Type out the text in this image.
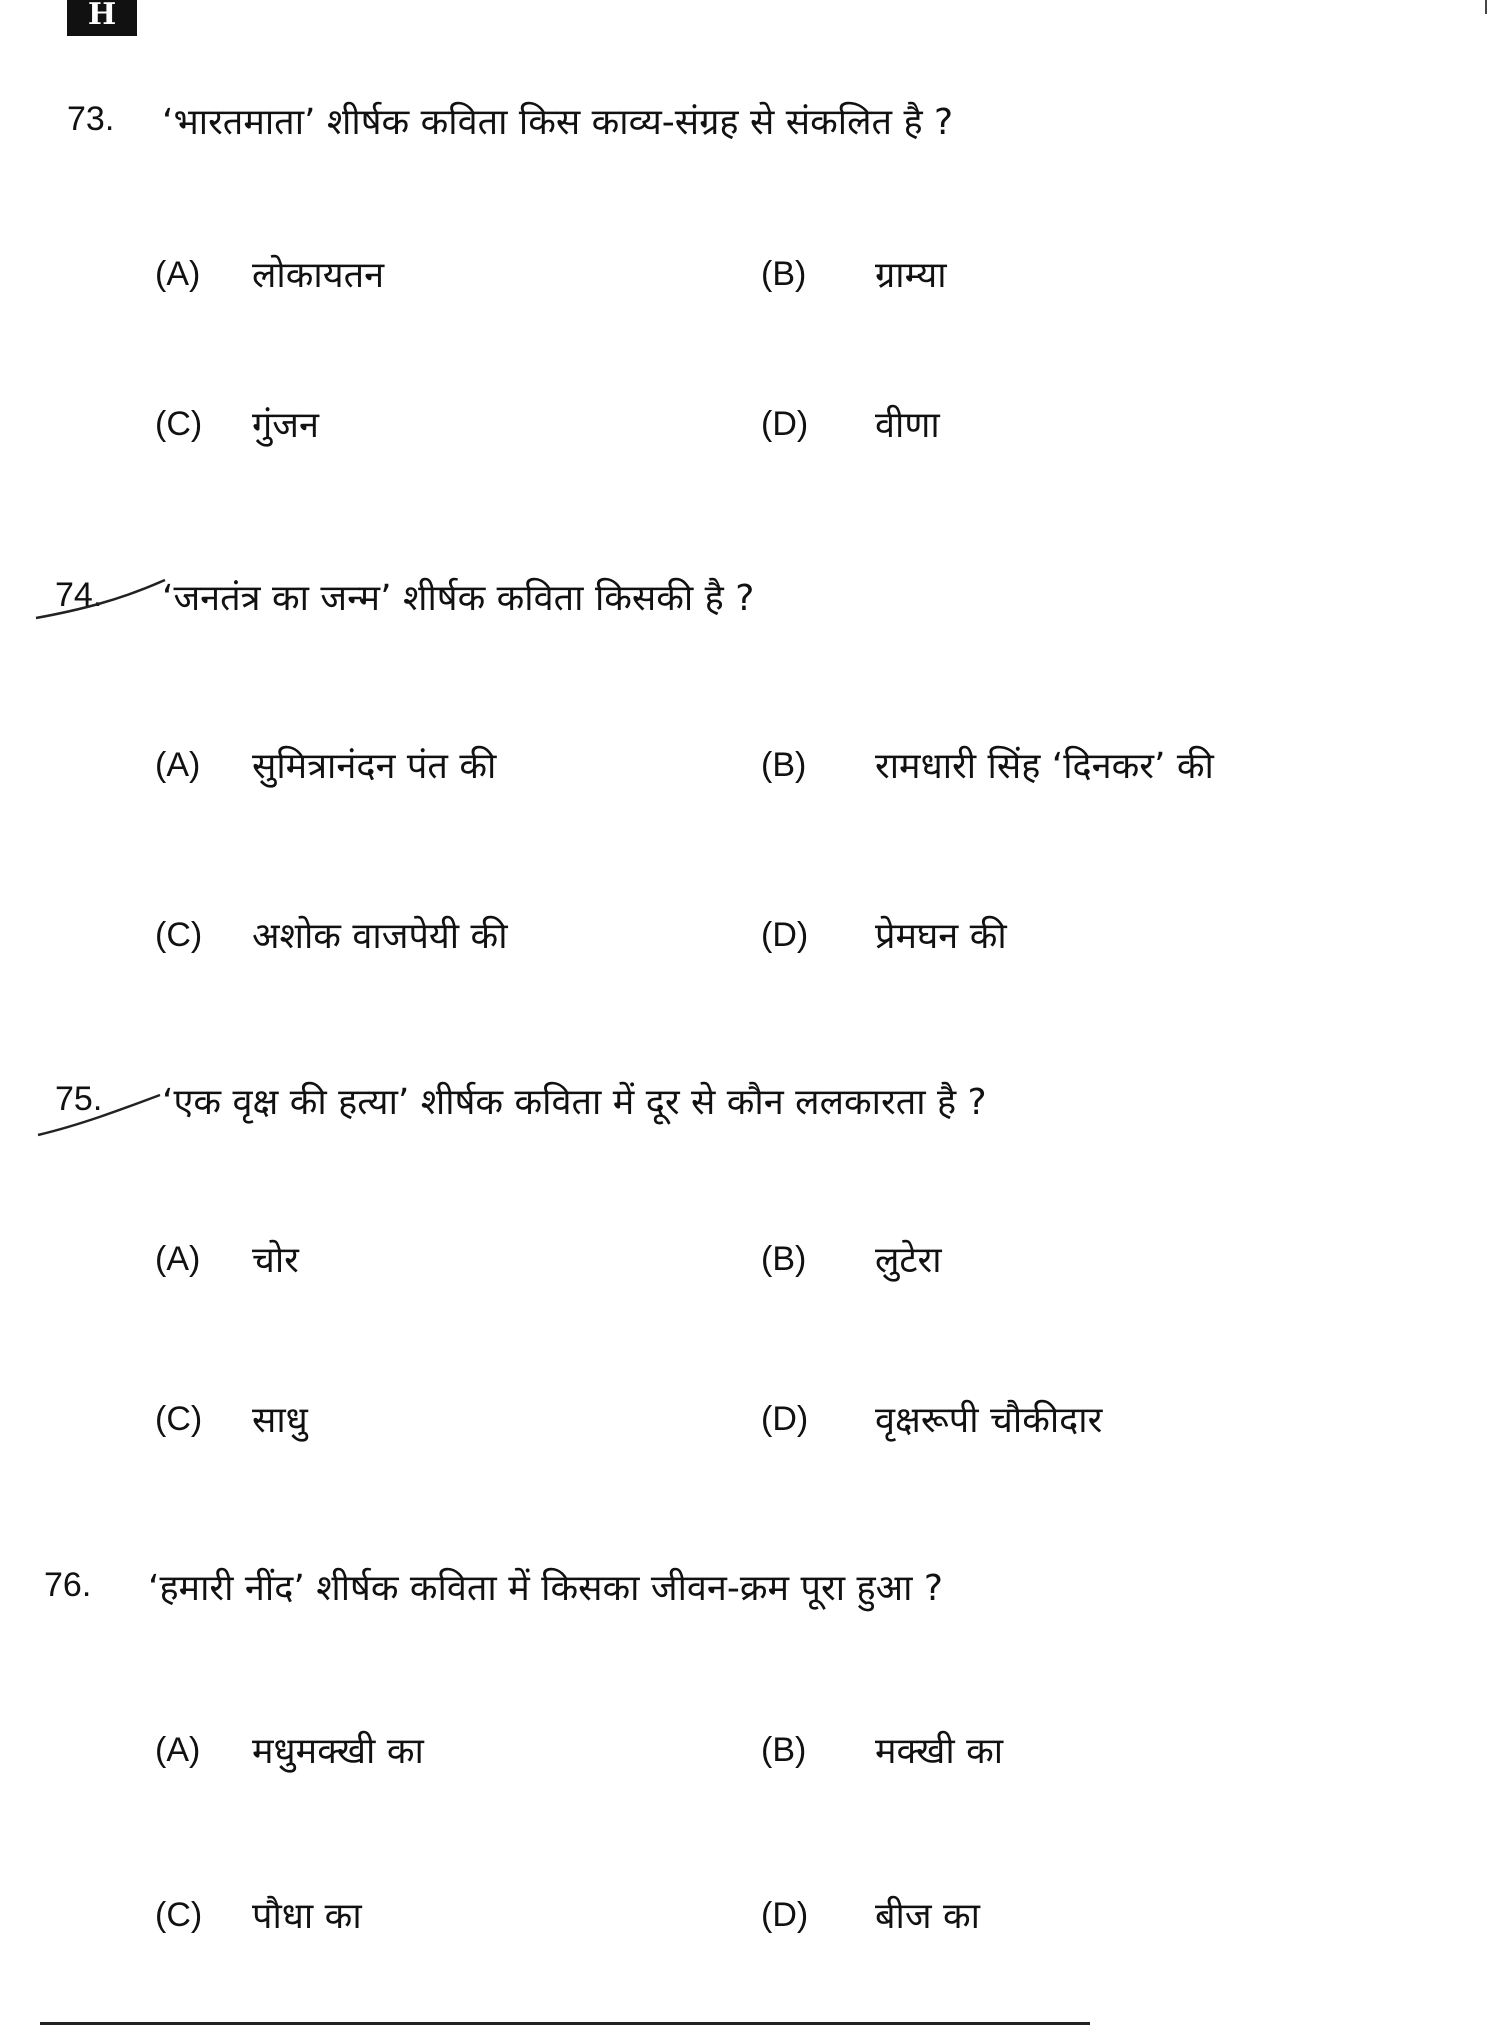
H
73. ‘भारतमाता’ शीर्षक कविता किस काव्य-संग्रह से संकलित है ?
(A) लोकायतन	(B) ग्राम्या
(C) गुंजन	(D) वीणा
74. ‘जनतंत्र का जन्म’ शीर्षक कविता किसकी है ?
(A) सुमित्रानंदन पंत की	(B) रामधारी सिंह ‘दिनकर’ की
(C) अशोक वाजपेयी की	(D) प्रेमघन की
75. ‘एक वृक्ष की हत्या’ शीर्षक कविता में दूर से कौन ललकारता है ?
(A) चोर	(B) लुटेरा
(C) साधु	(D) वृक्षरूपी चौकीदार
76. ‘हमारी नींद’ शीर्षक कविता में किसका जीवन-क्रम पूरा हुआ ?
(A) मधुमक्खी का	(B) मक्खी का
(C) पौधा का	(D) बीज का
